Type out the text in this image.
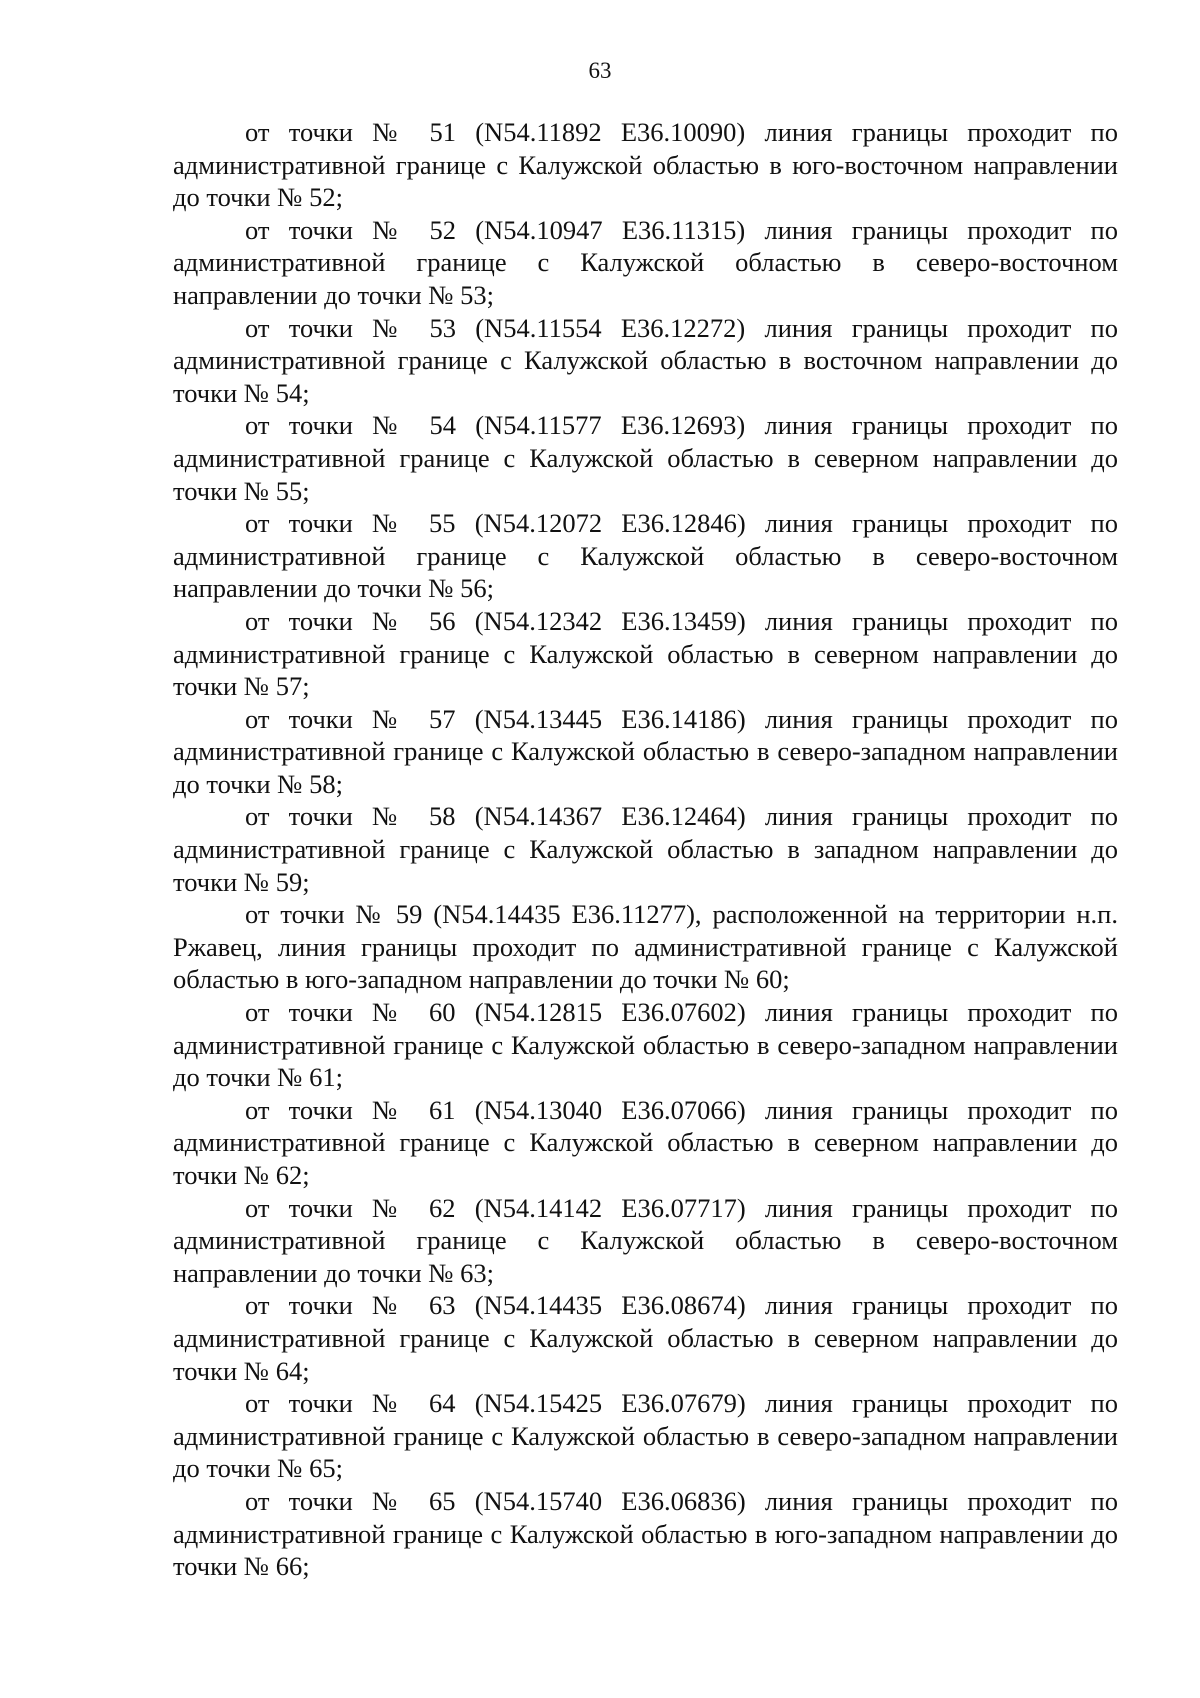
63

от точки № 51 (N54.11892 E36.10090) линия границы проходит по административной границе с Калужской областью в юго-восточном направлении до точки № 52;

от точки № 52 (N54.10947 E36.11315) линия границы проходит по административной границе с Калужской областью в северо-восточном направлении до точки № 53;

от точки № 53 (N54.11554 E36.12272) линия границы проходит по административной границе с Калужской областью в восточном направлении до точки № 54;

от точки № 54 (N54.11577 E36.12693) линия границы проходит по административной границе с Калужской областью в северном направлении до точки № 55;

от точки № 55 (N54.12072 E36.12846) линия границы проходит по административной границе с Калужской областью в северо-восточном направлении до точки № 56;

от точки № 56 (N54.12342 E36.13459) линия границы проходит по административной границе с Калужской областью в северном направлении до точки № 57;

от точки № 57 (N54.13445 E36.14186) линия границы проходит по административной границе с Калужской областью в северо-западном направлении до точки № 58;

от точки № 58 (N54.14367 E36.12464) линия границы проходит по административной границе с Калужской областью в западном направлении до точки № 59;

от точки № 59 (N54.14435 E36.11277), расположенной на территории н.п. Ржавец, линия границы проходит по административной границе с Калужской областью в юго-западном направлении до точки № 60;

от точки № 60 (N54.12815 E36.07602) линия границы проходит по административной границе с Калужской областью в северо-западном направлении до точки № 61;

от точки № 61 (N54.13040 E36.07066) линия границы проходит по административной границе с Калужской областью в северном направлении до точки № 62;

от точки № 62 (N54.14142 E36.07717) линия границы проходит по административной границе с Калужской областью в северо-восточном направлении до точки № 63;

от точки № 63 (N54.14435 E36.08674) линия границы проходит по административной границе с Калужской областью в северном направлении до точки № 64;

от точки № 64 (N54.15425 E36.07679) линия границы проходит по административной границе с Калужской областью в северо-западном направлении до точки № 65;

от точки № 65 (N54.15740 E36.06836) линия границы проходит по административной границе с Калужской областью в юго-западном направлении до точки № 66;
